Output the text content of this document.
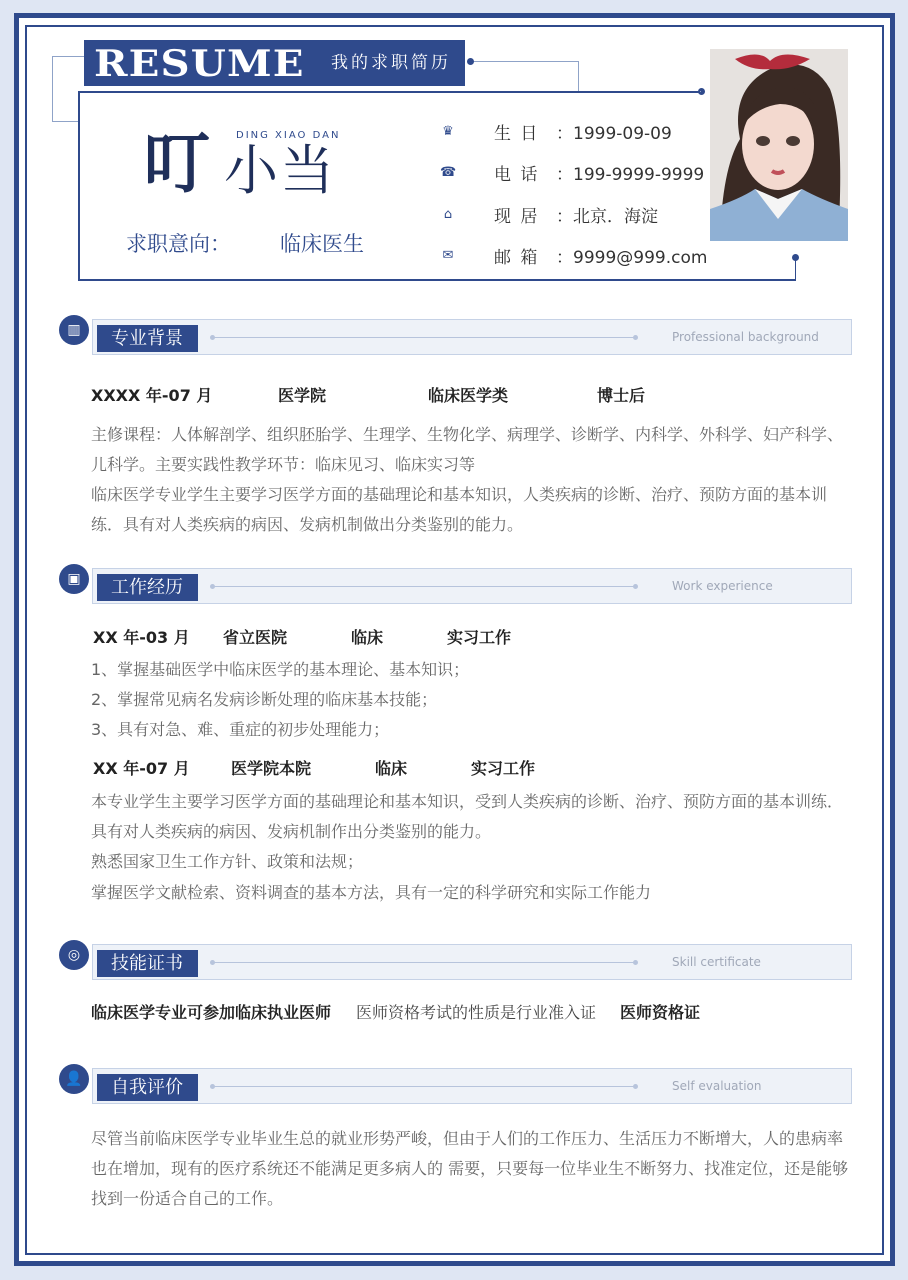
RESUME 我的求职简历
DING XIAO DAN
叮 小当
求职意向： 临床医生
♛ 生 日 ：1999-09-09
☎ 电 话 ：199-9999-9999
⌂ 现 居 ：北京．海淀
✉ 邮 箱 ：9999@999.com
▥	专业背景	Professional background
XXXX 年-07 月	医学院	临床医学类	博士后
主修课程：人体解剖学、组织胚胎学、生理学、生物化学、病理学、诊断学、内科学、外科学、妇产科学、儿科学。主要实践性教学环节：临床见习、临床实习等
临床医学专业学生主要学习医学方面的基础理论和基本知识，人类疾病的诊断、治疗、预防方面的基本训练．具有对人类疾病的病因、发病机制做出分类鉴别的能力。
▣	工作经历	Work experience
XX 年-03 月 省立医院	临床	实习工作
1、掌握基础医学中临床医学的基本理论、基本知识；
2、掌握常见病名发病诊断处理的临床基本技能；
3、具有对急、难、重症的初步处理能力；
XX 年-07 月	医学院本院	临床	实习工作
本专业学生主要学习医学方面的基础理论和基本知识，受到人类疾病的诊断、治疗、预防方面的基本训练．具有对人类疾病的病因、发病机制作出分类鉴别的能力。
熟悉国家卫生工作方针、政策和法规；
掌握医学文献检索、资料调查的基本方法，具有一定的科学研究和实际工作能力
◎	技能证书	Skill certificate
临床医学专业可参加临床执业医师 医师资格考试的性质是行业准入证 医师资格证
👤	自我评价	Self evaluation
尽管当前临床医学专业毕业生总的就业形势严峻，但由于人们的工作压力、生活压力不断增大，人的患病率也在增加，现有的医疗系统还不能满足更多病人的 需要，只要每一位毕业生不断努力、找准定位，还是能够找到一份适合自己的工作。
